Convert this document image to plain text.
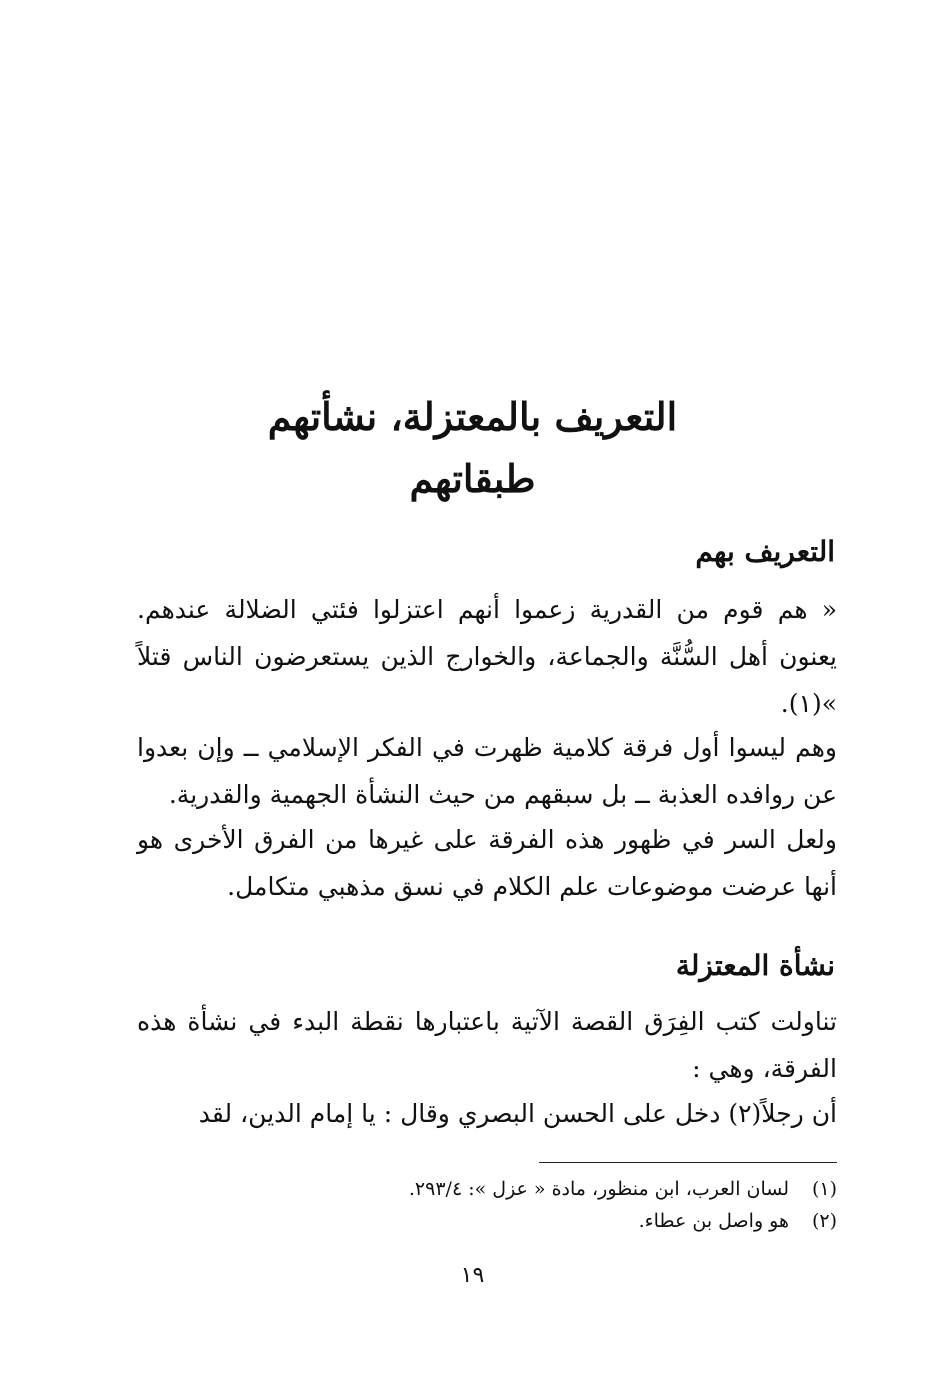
التعريف بالمعتزلة، نشأتهم
طبقاتهم
التعريف بهم
« هم قوم من القدرية زعموا أنهم اعتزلوا فئتي الضلالة عندهم. يعنون أهل السُّنَّة والجماعة، والخوارج الذين يستعرضون الناس قتلاً »(١).
وهم ليسوا أول فرقة كلامية ظهرت في الفكر الإسلامي ــ وإن بعدوا عن روافده العذبة ــ بل سبقهم من حيث النشأة الجهمية والقدرية.
ولعل السر في ظهور هذه الفرقة على غيرها من الفرق الأخرى هو أنها عرضت موضوعات علم الكلام في نسق مذهبي متكامل.
نشأة المعتزلة
تناولت كتب الفِرَق القصة الآتية باعتبارها نقطة البدء في نشأة هذه الفرقة، وهي :
أن رجلاً(٢) دخل على الحسن البصري وقال : يا إمام الدين، لقد
(١)لسان العرب، ابن منظور، مادة « عزل »: ٢٩٣/٤.
(٢)هو واصل بن عطاء.
١٩
